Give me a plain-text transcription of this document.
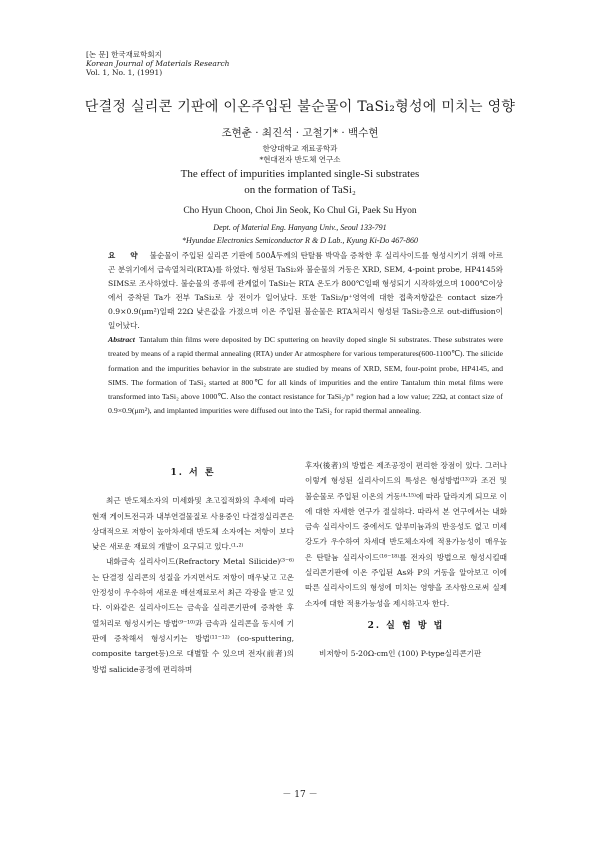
[논 문] 한국재료학회지
Korean Journal of Materials Research
Vol. 1, No. 1, (1991)
단결정 실리콘 기판에 이온주입된 불순물이 TaSi₂형성에 미치는 영향
조현춘 · 최진석 · 고철기* · 백수현
한양대학교 재료공학과
*현대전자 반도체 연구소
The effect of impurities implanted single-Si substrates
on the formation of TaSi₂
Cho Hyun Choon, Choi Jin Seok, Ko Chul Gi, Paek Su Hyon
Dept. of Material Eng. Hanyang Univ., Seoul 133-791
*Hyundae Electronics Semiconductor R & D Lab., Kyung Ki-Do 467-860
요 약 불순물이 주입된 실리콘 기판에 500Å두께의 탄탈륨 박막을 증착한 후 실리사이드를 형성시키기 위해 아르곤 분위기에서 급속열처리(RTA)를 하였다. 형성된 TaSi₂와 불순물의 거동은 XRD, SEM, 4-point probe, HP4145와 SIMS로 조사하였다. 불순물의 종류에 관계없이 TaSi₂는 RTA 온도가 800℃일때 형성되기 시작하였으며 1000℃이상에서 증착된 Ta가 전부 TaSi₂로 상 전이가 일어났다. 또한 TaSi₂/p⁺영역에 대한 접촉저항값은 contact size가 0.9×0.9(μm²)일때 22Ω 낮은값을 가졌으며 이온 주입된 불순물은 RTA처리시 형성된 TaSi₂층으로 out-diffusion이 일어났다.
Abstract Tantalum thin films were deposited by DC sputtering on heavily doped single Si substrates. These substrates were treated by means of a rapid thermal annealing (RTA) under Ar atmosphere for various temperatures(600-1100℃). The silicide formation and the impurities behavior in the substrate are studied by means of XRD, SEM, four-point probe, HP4145, and SIMS. The formation of TaSi₂ started at 800℃ for all kinds of impurities and the entire Tantalum thin metal films were transformed into TaSi₂ above 1000℃. Also the contact resistance for TaSi₂/p⁺ region had a low value; 22Ω, at contact size of 0.9×0.9(μm²), and implanted impurities were diffused out into the TaSi₂ for rapid thermal annealing.
1. 서 론

최근 반도체소자의 미세화및 초고집적화의 추세에 따라 현재 게이트전극과 내부연결물질로 사용중인 다결정실리콘은 상대적으로 저항이 높아차세대 반도체 소자에는 저항이 보다 낮은 새로운 재료의 개발이 요구되고 있다.⁽¹·²⁾

내화금속 실리사이드(Refractory Metal Silicide)⁽³⁻⁶⁾는 단결정 실리콘의 성질을 가지면서도 저항이 매우낮고 고온안정성이 우수하여 새로운 배선재료로서 최근 각광을 받고 있다. 이와같은 실리사이드는 금속을 실리콘기판에 증착한 후 열처리로 형성시키는 방법⁽⁹⁻¹⁰⁾과 금속과 실리콘을 동시에 기판에 증착해서 형성시키는 방법⁽¹¹⁻¹²⁾ (co-sputtering, composite target등)으로 대별할 수 있으며 전자(前者)의 방법 salicide공정에 편리하며

후자(後者)의 방법은 제조공정이 편리한 장점이 있다. 그러나 이렇게 형성된 실리사이드의 특성은 형성방법⁽¹³⁾과 조건 및 불순물로 주입된 이온의 거동⁽⁴·¹⁵⁾에 따라 달라지게 되므로 이에 대한 자세한 연구가 절실하다. 따라서 본 연구에서는 내화금속 실리사이드 중에서도 알루미늄과의 반응성도 없고 미세강도가 우수하여 차세대 반도체소자에 적용가능성이 매우높은 탄탈늄 실리사이드⁽¹⁶⁻¹⁸⁾를 전자의 방법으로 형성시킬때 실리콘기판에 이온 주입된 As와 P의 거동을 알아보고 이에 따른 실리사이드의 형성에 미치는 영향을 조사함으로써 실제소자에 대한 적용가능성을 제시하고자 한다.

2. 실 험 방 법

비저항이 5-20Ω-cm인 (100) P-type실리콘기판

－ 17 －
